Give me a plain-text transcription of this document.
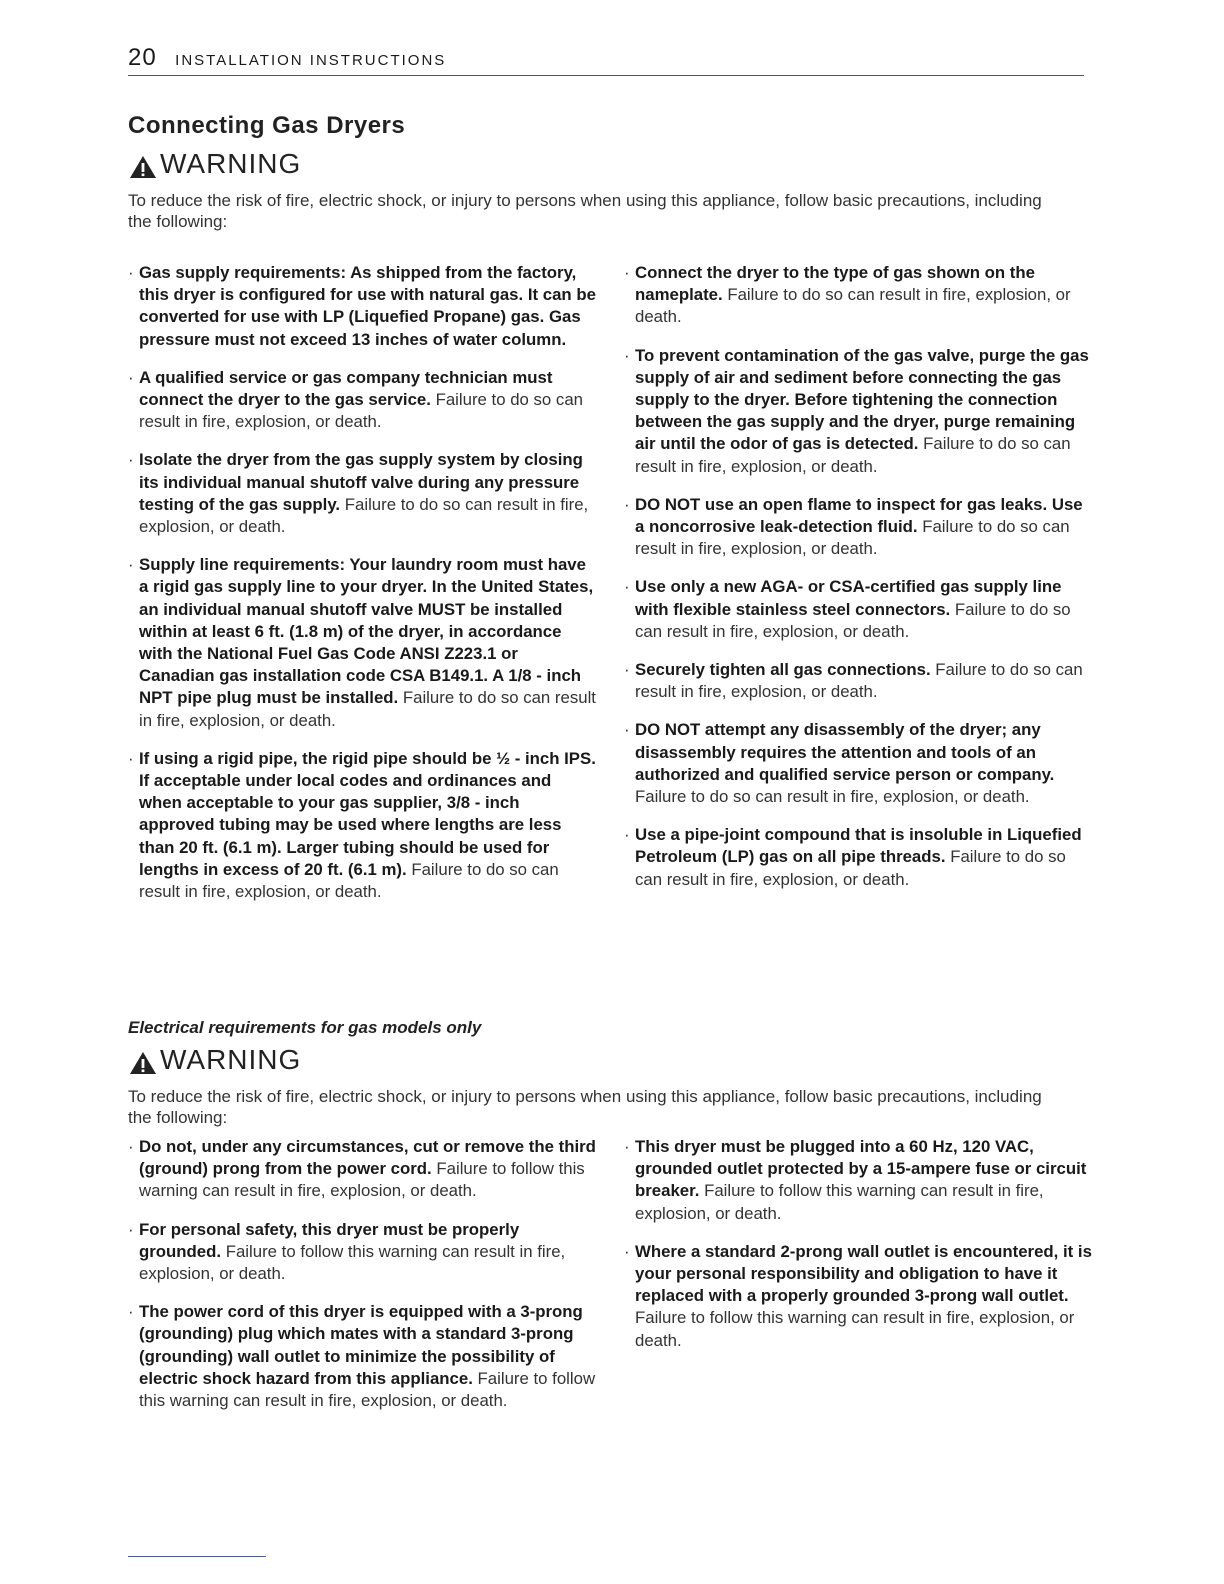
20 INSTALLATION INSTRUCTIONS
Connecting Gas Dryers
WARNING
To reduce the risk of fire, electric shock, or injury to persons when using this appliance, follow basic precautions, including the following:
· Gas supply requirements: As shipped from the factory, this dryer is configured for use with natural gas. It can be converted for use with LP (Liquefied Propane) gas. Gas pressure must not exceed 13 inches of water column.
· A qualified service or gas company technician must connect the dryer to the gas service. Failure to do so can result in fire, explosion, or death.
· Isolate the dryer from the gas supply system by closing its individual manual shutoff valve during any pressure testing of the gas supply. Failure to do so can result in fire, explosion, or death.
· Supply line requirements: Your laundry room must have a rigid gas supply line to your dryer. In the United States, an individual manual shutoff valve MUST be installed within at least 6 ft. (1.8 m) of the dryer, in accordance with the National Fuel Gas Code ANSI Z223.1 or Canadian gas installation code CSA B149.1. A 1/8 - inch NPT pipe plug must be installed. Failure to do so can result in fire, explosion, or death.
· If using a rigid pipe, the rigid pipe should be ½ - inch IPS. If acceptable under local codes and ordinances and when acceptable to your gas supplier, 3/8 - inch approved tubing may be used where lengths are less than 20 ft. (6.1 m). Larger tubing should be used for lengths in excess of 20 ft. (6.1 m). Failure to do so can result in fire, explosion, or death.
· Connect the dryer to the type of gas shown on the nameplate. Failure to do so can result in fire, explosion, or death.
· To prevent contamination of the gas valve, purge the gas supply of air and sediment before connecting the gas supply to the dryer. Before tightening the connection between the gas supply and the dryer, purge remaining air until the odor of gas is detected. Failure to do so can result in fire, explosion, or death.
· DO NOT use an open flame to inspect for gas leaks. Use a noncorrosive leak-detection fluid. Failure to do so can result in fire, explosion, or death.
· Use only a new AGA- or CSA-certified gas supply line with flexible stainless steel connectors. Failure to do so can result in fire, explosion, or death.
· Securely tighten all gas connections. Failure to do so can result in fire, explosion, or death.
· DO NOT attempt any disassembly of the dryer; any disassembly requires the attention and tools of an authorized and qualified service person or company. Failure to do so can result in fire, explosion, or death.
· Use a pipe-joint compound that is insoluble in Liquefied Petroleum (LP) gas on all pipe threads. Failure to do so can result in fire, explosion, or death.
Electrical requirements for gas models only
WARNING
To reduce the risk of fire, electric shock, or injury to persons when using this appliance, follow basic precautions, including the following:
· Do not, under any circumstances, cut or remove the third (ground) prong from the power cord. Failure to follow this warning can result in fire, explosion, or death.
· For personal safety, this dryer must be properly grounded. Failure to follow this warning can result in fire, explosion, or death.
· The power cord of this dryer is equipped with a 3-prong (grounding) plug which mates with a standard 3-prong (grounding) wall outlet to minimize the possibility of electric shock hazard from this appliance. Failure to follow this warning can result in fire, explosion, or death.
· This dryer must be plugged into a 60 Hz, 120 VAC, grounded outlet protected by a 15-ampere fuse or circuit breaker. Failure to follow this warning can result in fire, explosion, or death.
· Where a standard 2-prong wall outlet is encountered, it is your personal responsibility and obligation to have it replaced with a properly grounded 3-prong wall outlet. Failure to follow this warning can result in fire, explosion, or death.
